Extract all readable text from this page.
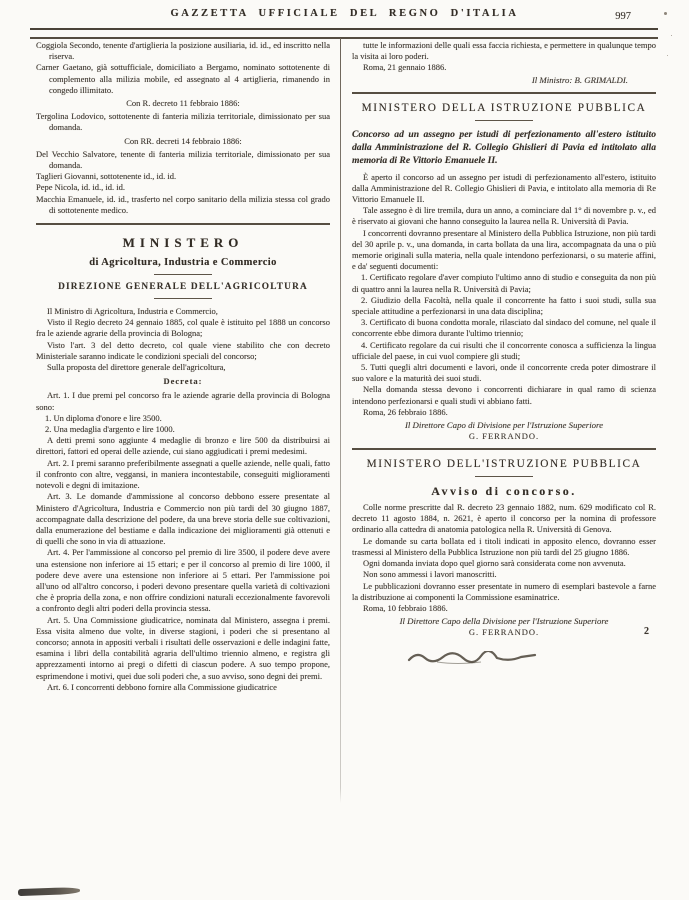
GAZZETTA UFFICIALE DEL REGNO D'ITALIA	997

Coggiola Secondo, tenente d'artiglieria la posizione ausiliaria, id. id., ed inscritto nella riserva.

Carner Gaetano, già sottufficiale, domiciliato a Bergamo, nominato sottotenente di complemento alla milizia mobile, ed assegnato al 4 artiglieria, rimanendo in congedo illimitato.

Con R. decreto 11 febbraio 1886:

Tergolina Lodovico, sottotenente di fanteria milizia territoriale, dimissionato per sua domanda.

Con RR. decreti 14 febbraio 1886:

Del Vecchio Salvatore, tenente di fanteria milizia territoriale, dimissionato per sua domanda.

Taglieri Giovanni, sottotenente id., id. id.

Pepe Nicola, id. id., id. id.

Macchia Emanuele, id. id., trasferto nel corpo sanitario della milizia stessa col grado di sottotenente medico.

MINISTERO
di Agricoltura, Industria e Commercio
DIREZIONE GENERALE DELL'AGRICOLTURA

Il Ministro di Agricoltura, Industria e Commercio,

Visto il Regio decreto 24 gennaio 1885, col quale è istituito pel 1888 un concorso fra le aziende agrarie della provincia di Bologna;

Visto l'art. 3 del detto decreto, col quale viene stabilito che con decreto Ministeriale saranno indicate le condizioni speciali del concorso;

Sulla proposta del direttore generale dell'agricoltura,

Decreta:

Art. 1. I due premi pel concorso fra le aziende agrarie della provincia di Bologna sono:

1. Un diploma d'onore e lire 3500.

2. Una medaglia d'argento e lire 1000.

A detti premi sono aggiunte 4 medaglie di bronzo e lire 500 da distribuirsi ai direttori, fattori ed operai delle aziende, cui siano aggiudicati i premi medesimi.

Art. 2. I premi saranno preferibilmente assegnati a quelle aziende, nelle quali, fatto il confronto con altre, veggansi, in maniera incontestabile, conseguiti miglioramenti notevoli e degni di imitazione.

Art. 3. Le domande d'ammissione al concorso debbono essere presentate al Ministero d'Agricoltura, Industria e Commercio non più tardi del 30 giugno 1887, accompagnate dalla descrizione del podere, da una breve storia delle sue coltivazioni, dalla enumerazione del bestiame e dalla indicazione dei miglioramenti già ottenuti e di quelli che sono in via di attuazione.

Art. 4. Per l'ammissione al concorso pel premio di lire 3500, il podere deve avere una estensione non inferiore ai 15 ettari; e per il concorso al premio di lire 1000, il podere deve avere una estensione non inferiore ai 5 ettari. Per l'ammissione poi all'uno od all'altro concorso, i poderi devono presentare quella varietà di coltivazioni che è propria della zona, e non offrire condizioni naturali eccezionalmente favorevoli a confronto degli altri poderi della provincia stessa.

Art. 5. Una Commissione giudicatrice, nominata dal Ministero, assegna i premi. Essa visita almeno due volte, in diverse stagioni, i poderi che si presentano al concorso; annota in appositi verbali i risultati delle osservazioni e delle indagini fatte, esamina i libri della contabilità agraria dell'ultimo triennio almeno, e registra gli apprezzamenti intorno ai pregi o difetti di ciascun podere. A suo tempo propone, esprimendone i motivi, quei due soli poderi che, a suo avviso, sono degni dei premi.

Art. 6. I concorrenti debbono fornire alla Commissione giudicatrice

tutte le informazioni delle quali essa faccia richiesta, e permettere in qualunque tempo la visita ai loro poderi.

Roma, 21 gennaio 1886.

Il Ministro: B. GRIMALDI.

MINISTERO DELLA ISTRUZIONE PUBBLICA

Concorso ad un assegno per istudi di perfezionamento all'estero istituito dalla Amministrazione del R. Collegio Ghislieri di Pavia ed intitolato alla memoria di Re Vittorio Emanuele II.

È aperto il concorso ad un assegno per istudi di perfezionamento all'estero, istituito dalla Amministrazione del R. Collegio Ghislieri di Pavia, e intitolato alla memoria di Re Vittorio Emanuele II.

Tale assegno è di lire tremila, dura un anno, a cominciare dal 1° di novembre p. v., ed è riservato ai giovani che hanno conseguito la laurea nella R. Università di Pavia.

I concorrenti dovranno presentare al Ministero della Pubblica Istruzione, non più tardi del 30 aprile p. v., una domanda, in carta bollata da una lira, accompagnata da una o più memorie originali sulla materia, nella quale intendono perfezionarsi, o su materie affini, e da' seguenti documenti:

1. Certificato regolare d'aver compiuto l'ultimo anno di studio e conseguita da non più di quattro anni la laurea nella R. Università di Pavia;

2. Giudizio della Facoltà, nella quale il concorrente ha fatto i suoi studi, sulla sua speciale attitudine a perfezionarsi in una data disciplina;

3. Certificato di buona condotta morale, rilasciato dal sindaco del comune, nel quale il concorrente ebbe dimora durante l'ultimo triennio;

4. Certificato regolare da cui risulti che il concorrente conosca a sufficienza la lingua ufficiale del paese, in cui vuol compiere gli studi;

5. Tutti quegli altri documenti e lavori, onde il concorrente creda poter dimostrare il suo valore e la maturità dei suoi studi.

Nella domanda stessa devono i concorrenti dichiarare in qual ramo di scienza intendono perfezionarsi e quali studi vi abbiano fatti.

Roma, 26 febbraio 1886.

Il Direttore Capo di Divisione per l'Istruzione Superiore

G. FERRANDO.

MINISTERO DELL'ISTRUZIONE PUBBLICA
Avviso di concorso.

Colle norme prescritte dal R. decreto 23 gennaio 1882, num. 629 modificato col R. decreto 11 agosto 1884, n. 2621, è aperto il concorso per la nomina di professore ordinario alla cattedra di anatomia patologica nella R. Università di Genova.

Le domande su carta bollata ed i titoli indicati in apposito elenco, dovranno esser trasmessi al Ministero della Pubblica Istruzione non più tardi del 25 giugno 1886.

Ogni domanda inviata dopo quel giorno sarà considerata come non avvenuta.

Non sono ammessi i lavori manoscritti.

Le pubblicazioni dovranno esser presentate in numero di esemplari bastevole a farne la distribuzione ai componenti la Commissione esaminatrice.

Roma, 10 febbraio 1886.

Il Direttore Capo della Divisione per l'Istruzione Superiore

G. FERRANDO.	2
